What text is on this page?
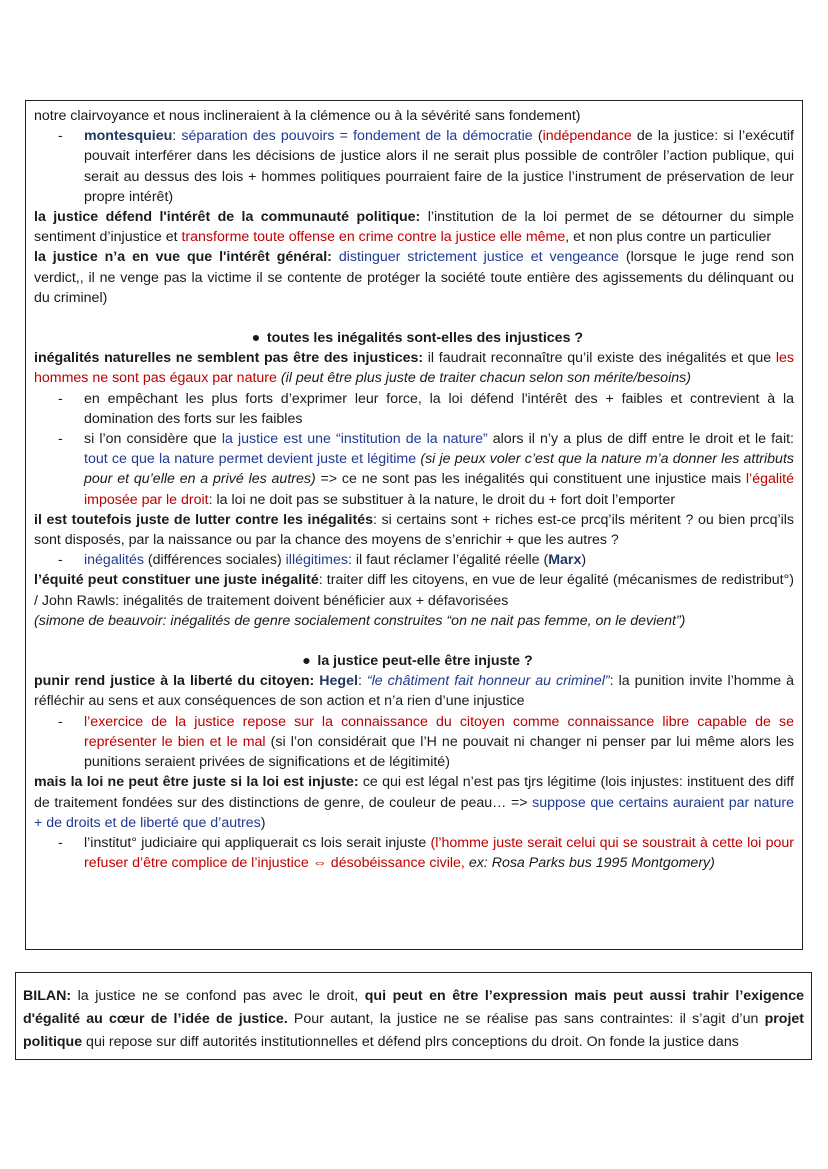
notre clairvoyance et nous inclineraient à la clémence ou à la sévérité sans fondement)

- montesquieu: séparation des pouvoirs = fondement de la démocratie (indépendance de la justice: si l’exécutif pouvait interférer dans les décisions de justice alors il ne serait plus possible de contrôler l’action publique, qui serait au dessus des lois + hommes politiques pourraient faire de la justice l’instrument de préservation de leur propre intérêt)

la justice défend l'intérêt de la communauté politique: l’institution de la loi permet de se détourner du simple sentiment d’injustice et transforme toute offense en crime contre la justice elle même, et non plus contre un particulier

la justice n’a en vue que l'intérêt général: distinguer strictement justice et vengeance (lorsque le juge rend son verdict,, il ne venge pas la victime il se contente de protéger la société toute entière des agissements du délinquant ou du criminel)

● toutes les inégalités sont-elles des injustices ?

inégalités naturelles ne semblent pas être des injustices: il faudrait reconnaître qu’il existe des inégalités et que les hommes ne sont pas égaux par nature (il peut être plus juste de traiter chacun selon son mérite/besoins)

- en empêchant les plus forts d’exprimer leur force, la loi défend l'intérêt des + faibles et contrevient à la domination des forts sur les faibles

- si l’on considère que la justice est une “institution de la nature” alors il n’y a plus de diff entre le droit et le fait: tout ce que la nature permet devient juste et légitime (si je peux voler c’est que la nature m’a donner les attributs pour et qu’elle en a privé les autres) => ce ne sont pas les inégalités qui constituent une injustice mais l’égalité imposée par le droit: la loi ne doit pas se substituer à la nature, le droit du + fort doit l’emporter

il est toutefois juste de lutter contre les inégalités: si certains sont + riches est-ce prcq’ils méritent ? ou bien prcq’ils sont disposés, par la naissance ou par la chance des moyens de s’enrichir + que les autres ?

- inégalités (différences sociales) illégitimes: il faut réclamer l’égalité réelle (Marx)

l’équité peut constituer une juste inégalité: traiter diff les citoyens, en vue de leur égalité (mécanismes de redistribut°) / John Rawls: inégalités de traitement doivent bénéficier aux + défavorisées

(simone de beauvoir: inégalités de genre socialement construites “on ne nait pas femme, on le devient”)

● la justice peut-elle être injuste ?

punir rend justice à la liberté du citoyen: Hegel: “le châtiment fait honneur au criminel”: la punition invite l’homme à réfléchir au sens et aux conséquences de son action et n’a rien d’une injustice

- l’exercice de la justice repose sur la connaissance du citoyen comme connaissance libre capable de se représenter le bien et le mal (si l’on considérait que l’H ne pouvait ni changer ni penser par lui même alors les punitions seraient privées de significations et de légitimité)

mais la loi ne peut être juste si la loi est injuste: ce qui est légal n’est pas tjrs légitime (lois injustes: instituent des diff de traitement fondées sur des distinctions de genre, de couleur de peau… => suppose que certains auraient par nature + de droits et de liberté que d’autres)

- l’institut° judiciaire qui appliquerait cs lois serait injuste (l’homme juste serait celui qui se soustrait à cette loi pour refuser d’être complice de l’injustice ⇔ désobéissance civile, ex: Rosa Parks bus 1995 Montgomery)

BILAN: la justice ne se confond pas avec le droit, qui peut en être l’expression mais peut aussi trahir l’exigence d'égalité au cœur de l’idée de justice. Pour autant, la justice ne se réalise pas sans contraintes: il s’agit d’un projet politique qui repose sur diff autorités institutionnelles et défend plrs conceptions du droit. On fonde la justice dans
